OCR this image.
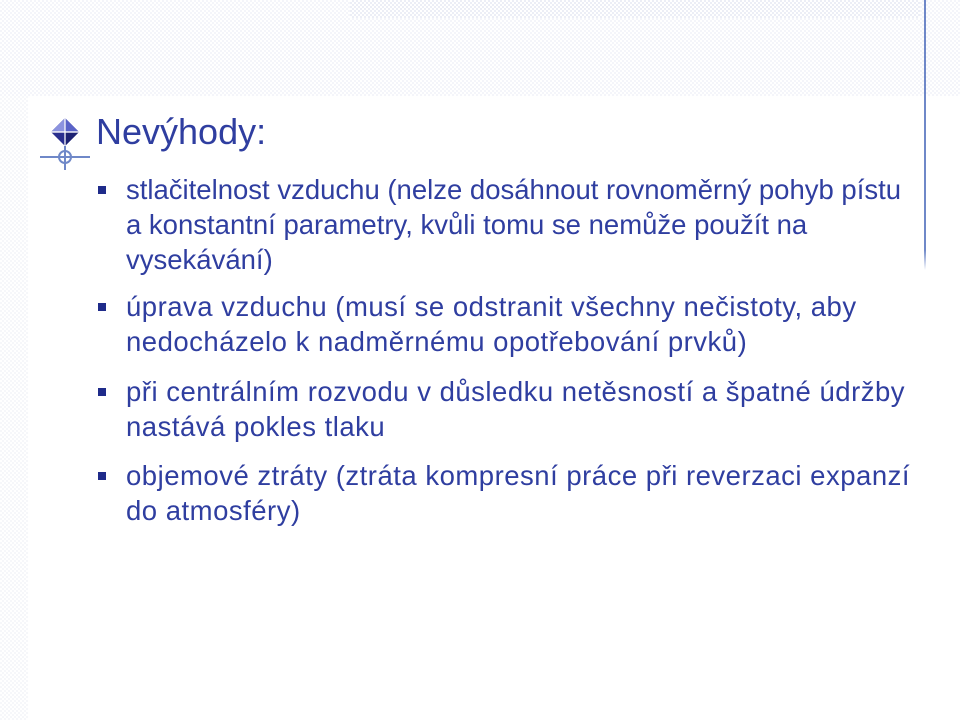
Nevýhody:
stlačitelnost vzduchu (nelze dosáhnout rovnoměrný pohyb pístu a konstantní parametry, kvůli tomu se nemůže použít na vysekávání)
úprava vzduchu (musí se odstranit všechny nečistoty, aby nedocházelo k nadměrnému opotřebování prvků)
při centrálním rozvodu v důsledku netěsností a špatné údržby nastává pokles tlaku
objemové ztráty (ztráta kompresní práce při reverzaci expanzí do atmosféry)
